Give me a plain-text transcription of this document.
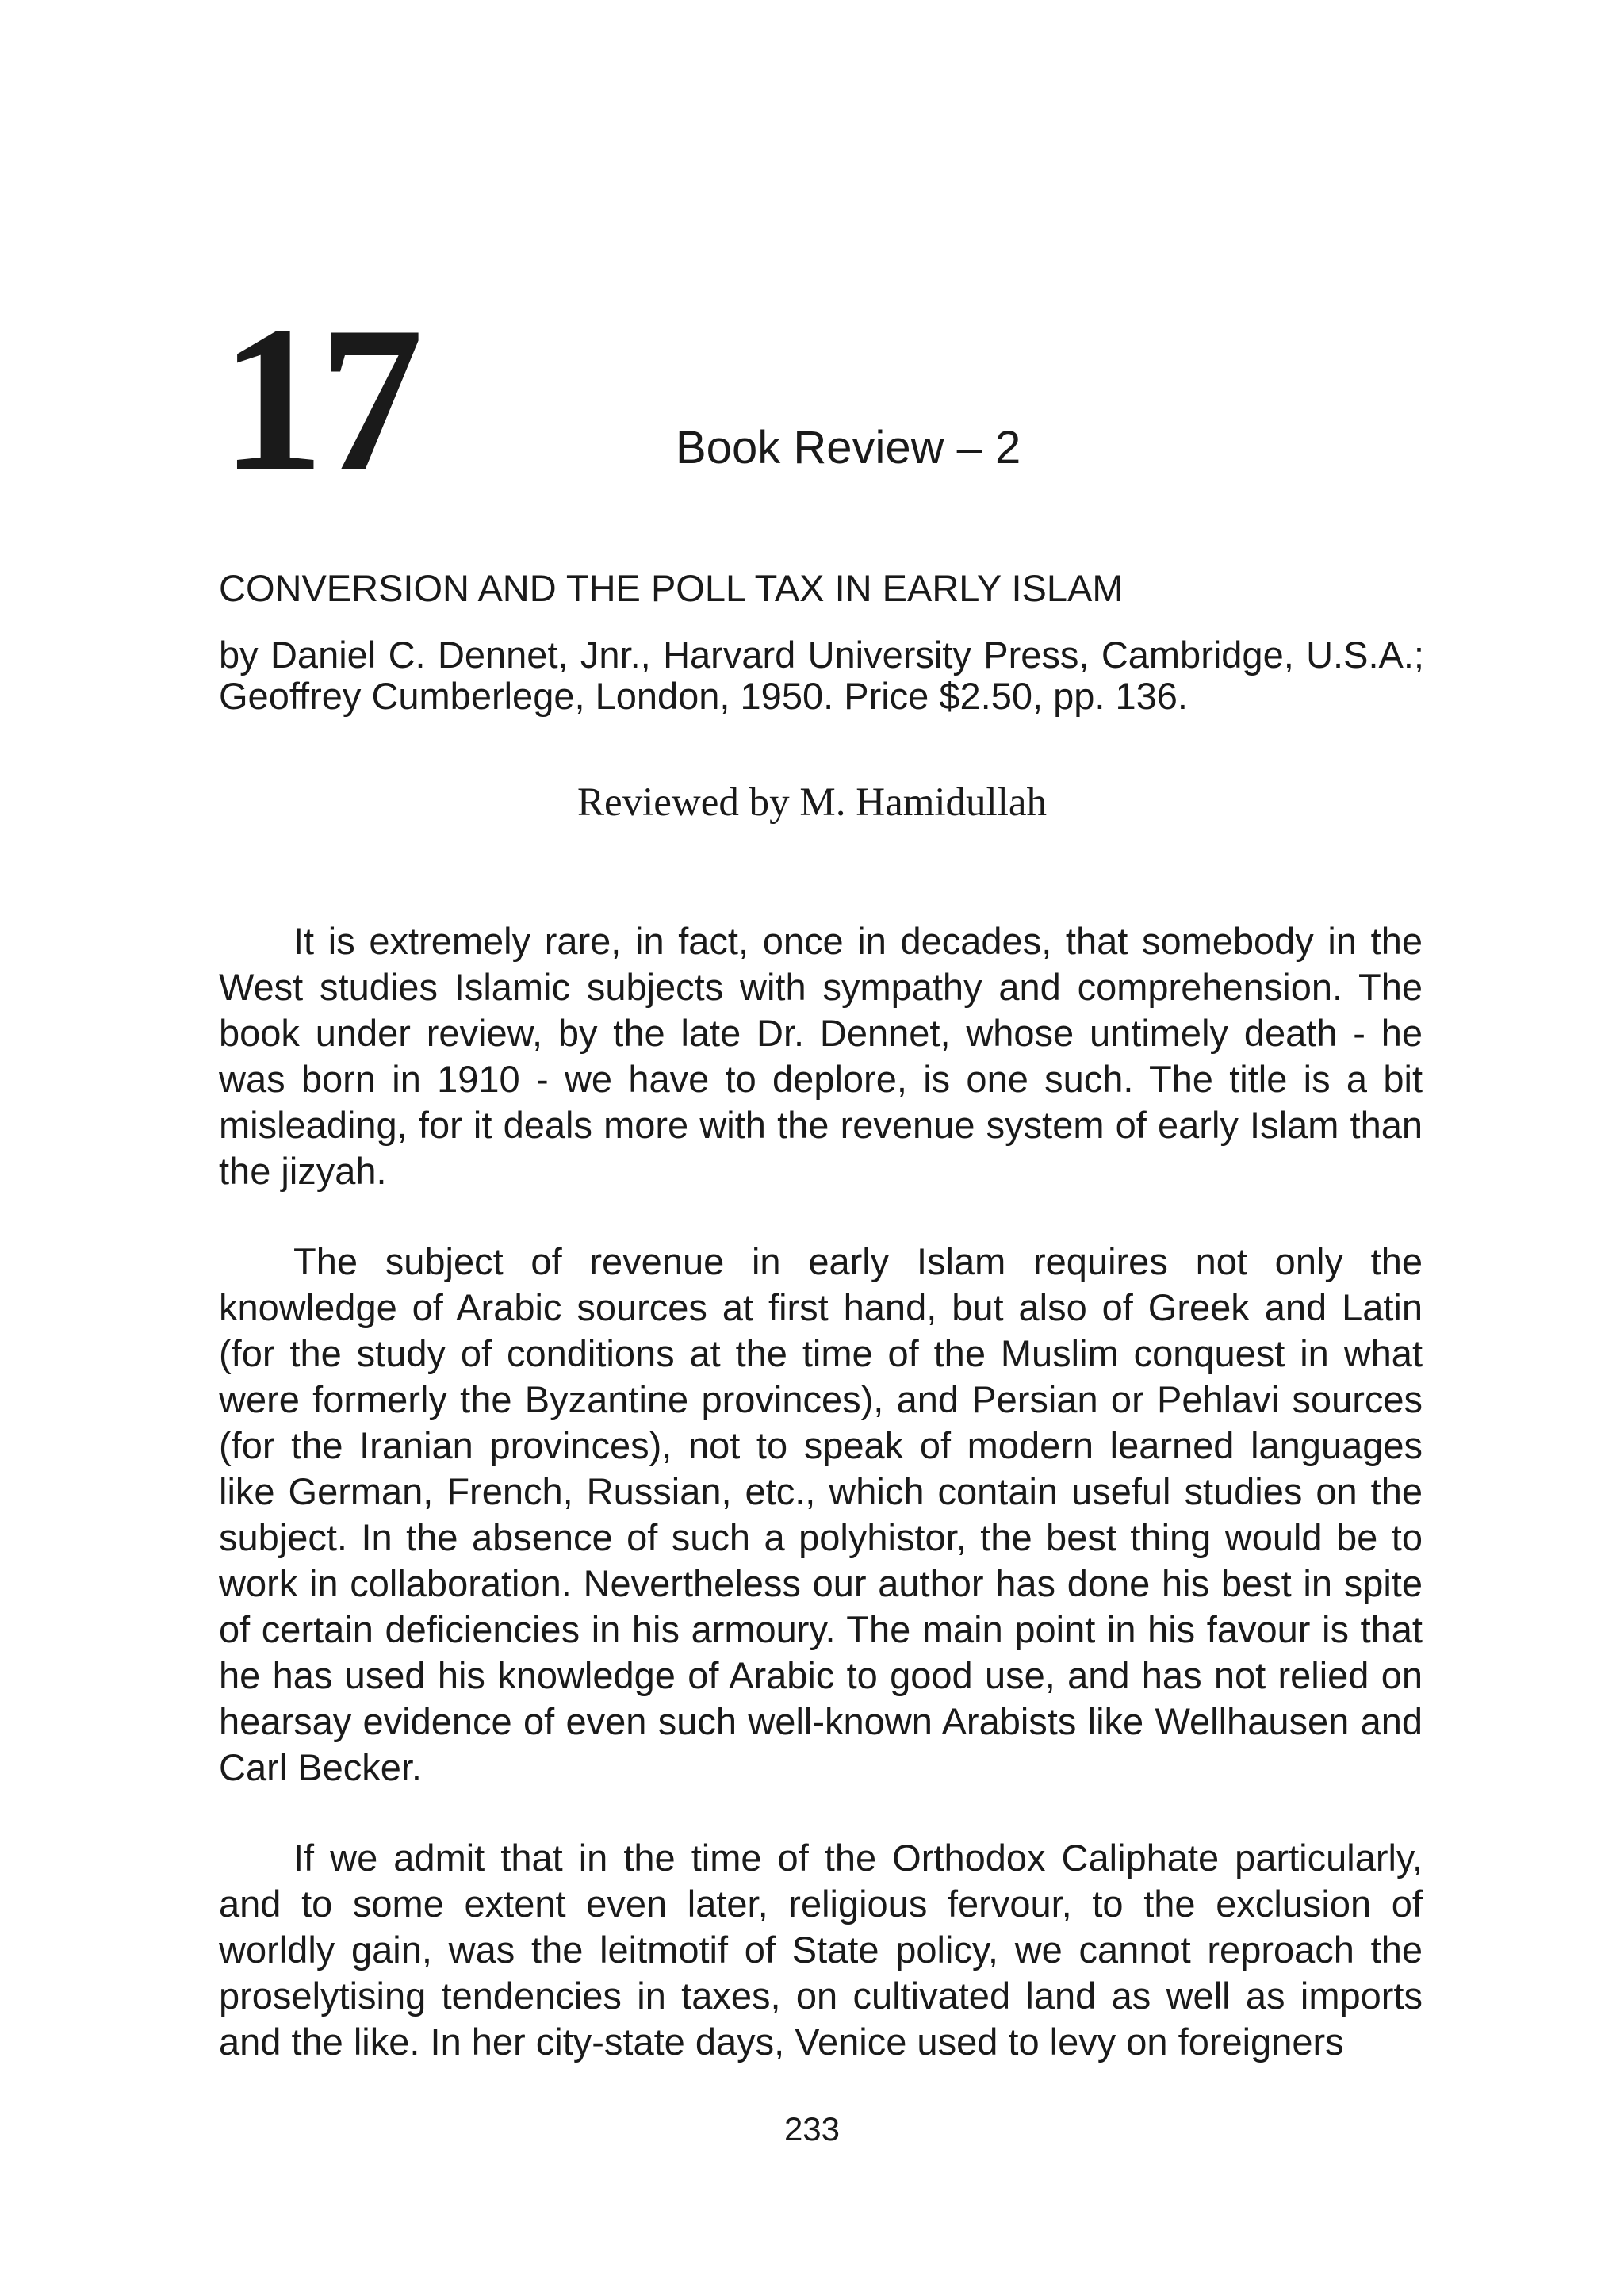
17	Book Review – 2
CONVERSION AND THE POLL TAX IN EARLY ISLAM

by Daniel C. Dennet, Jnr., Harvard University Press, Cambridge, U.S.A.; Geoffrey Cumberlege, London, 1950. Price $2.50, pp. 136.

Reviewed by M. Hamidullah

It is extremely rare, in fact, once in decades, that somebody in the West studies Islamic subjects with sympathy and comprehension. The book under review, by the late Dr. Dennet, whose untimely death - he was born in 1910 - we have to deplore, is one such. The title is a bit misleading, for it deals more with the revenue system of early Islam than the jizyah.

The subject of revenue in early Islam requires not only the knowledge of Arabic sources at first hand, but also of Greek and Latin (for the study of conditions at the time of the Muslim conquest in what were formerly the Byzantine provinces), and Persian or Pehlavi sources (for the Iranian provinces), not to speak of modern learned languages like German, French, Russian, etc., which contain useful studies on the subject. In the absence of such a polyhistor, the best thing would be to work in collaboration. Nevertheless our author has done his best in spite of certain deficiencies in his armoury. The main point in his favour is that he has used his knowledge of Arabic to good use, and has not relied on hearsay evidence of even such well-known Arabists like Wellhausen and Carl Becker.

If we admit that in the time of the Orthodox Caliphate particularly, and to some extent even later, religious fervour, to the exclusion of worldly gain, was the leitmotif of State policy, we cannot reproach the proselytising tendencies in taxes, on cultivated land as well as imports and the like. In her city-state days, Venice used to levy on foreigners

233
